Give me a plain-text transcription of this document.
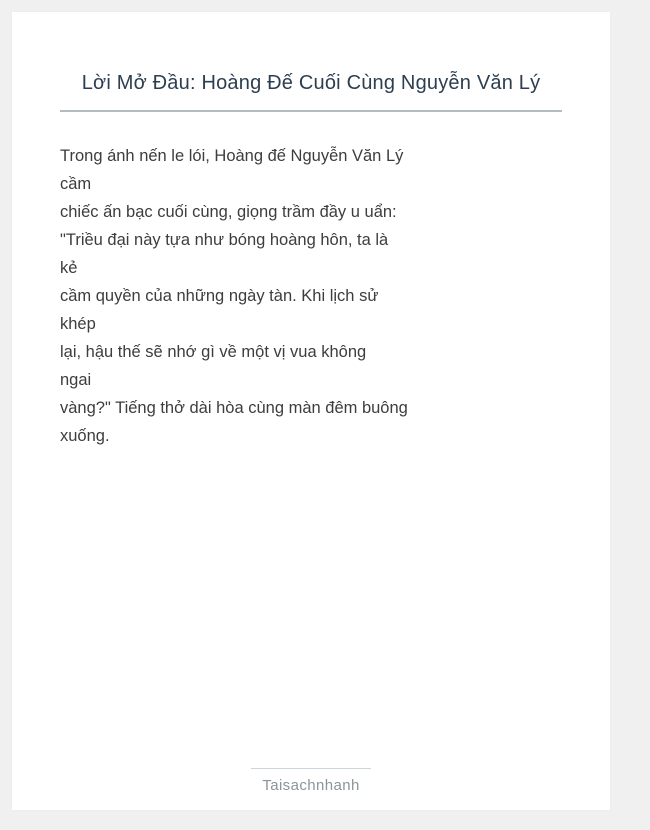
Lời Mở Đầu: Hoàng Đế Cuối Cùng Nguyễn Văn Lý
Trong ánh nến le lói, Hoàng đế Nguyễn Văn Lý
cầm
chiếc ấn bạc cuối cùng, giọng trầm đầy u uẩn:
"Triều đại này tựa như bóng hoàng hôn, ta là
kẻ
cầm quyền của những ngày tàn. Khi lịch sử
khép
lại, hậu thế sẽ nhớ gì về một vị vua không
ngai
vàng?" Tiếng thở dài hòa cùng màn đêm buông
xuống.
Taisachnhanh
